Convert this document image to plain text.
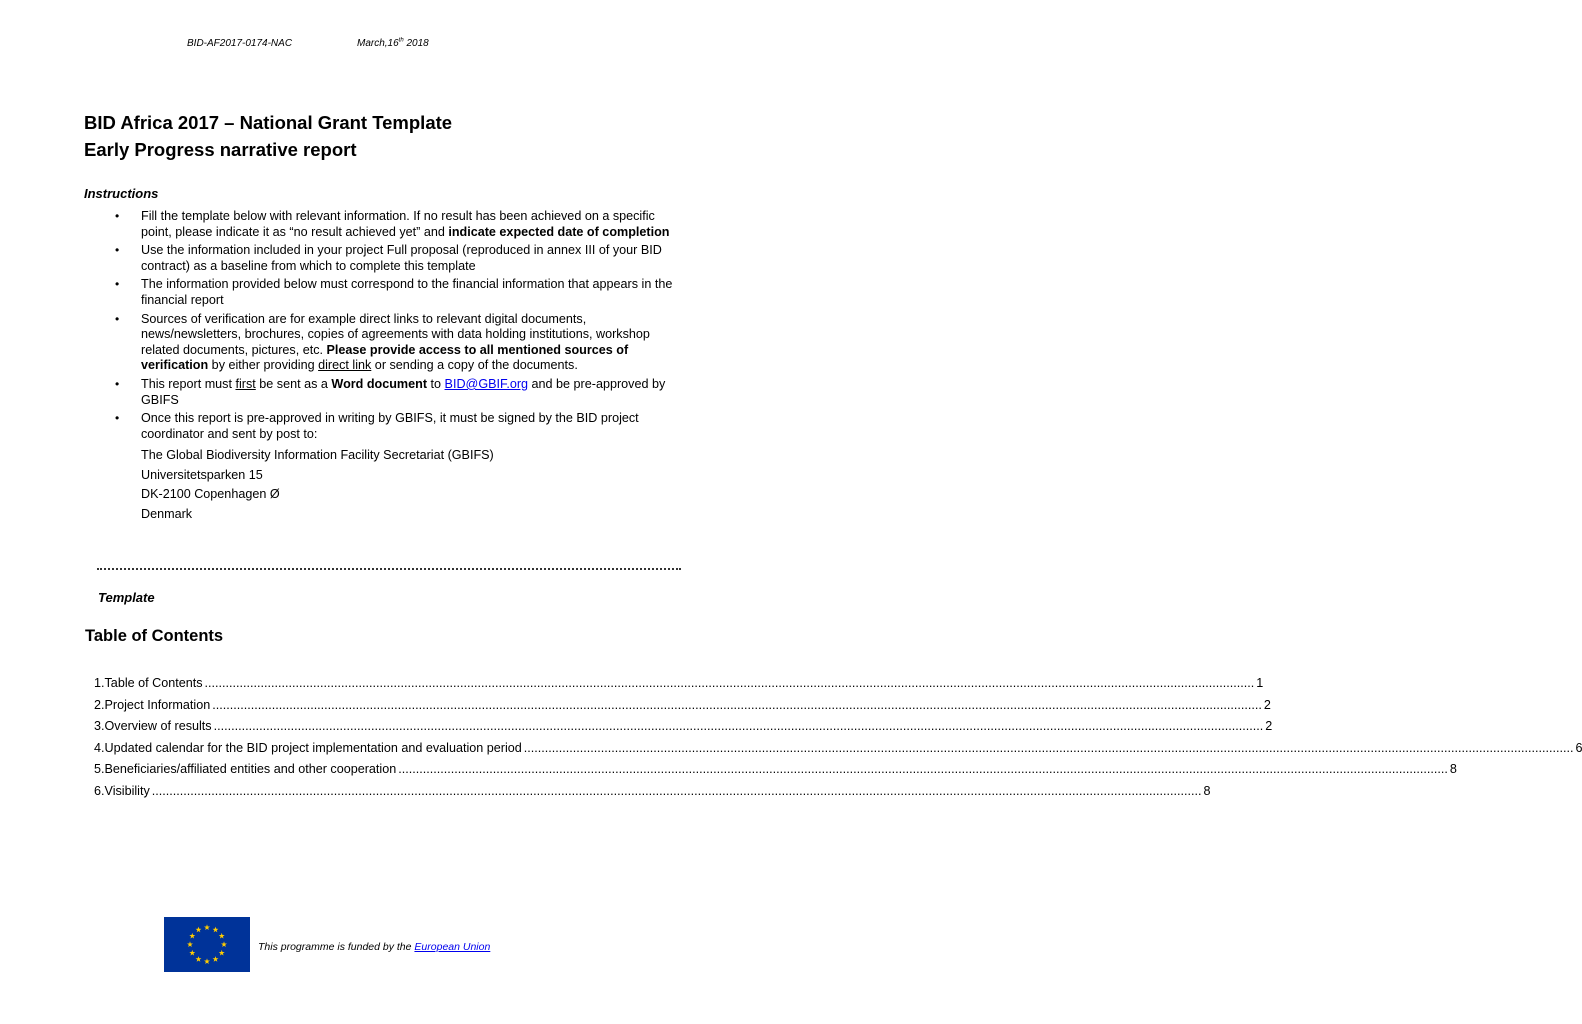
BID-AF2017-0174-NAC	March,16th 2018
BID Africa 2017 – National Grant Template
Early Progress narrative report
Instructions
• Fill the template below with relevant information. If no result has been achieved on a specific point, please indicate it as “no result achieved yet” and indicate expected date of completion
• Use the information included in your project Full proposal (reproduced in annex III of your BID contract) as a baseline from which to complete this template
• The information provided below must correspond to the financial information that appears in the financial report
• Sources of verification are for example direct links to relevant digital documents, news/newsletters, brochures, copies of agreements with data holding institutions, workshop related documents, pictures, etc. Please provide access to all mentioned sources of verification by either providing direct link or sending a copy of the documents.
• This report must first be sent as a Word document to BID@GBIF.org and be pre-approved by GBIFS
• Once this report is pre-approved in writing by GBIFS, it must be signed by the BID project coordinator and sent by post to:
The Global Biodiversity Information Facility Secretariat (GBIFS)
Universitetsparken 15
DK-2100 Copenhagen Ø
Denmark
Template
Table of Contents
1. Table of Contents ............................................................................................................................................................................................................................................................................................................ 1
2. Project Information ............................................................................................................................................................................................................................................................................................................ 2
3. Overview of results ............................................................................................................................................................................................................................................................................................................ 2
4. Updated calendar for the BID project implementation and evaluation period ............................................................................................................................................................................................................................................................................................................ 6
5. Beneficiaries/affiliated entities and other cooperation ............................................................................................................................................................................................................................................................................................................ 8
6. Visibility ............................................................................................................................................................................................................................................................................................................ 8
This programme is funded by the European Union
